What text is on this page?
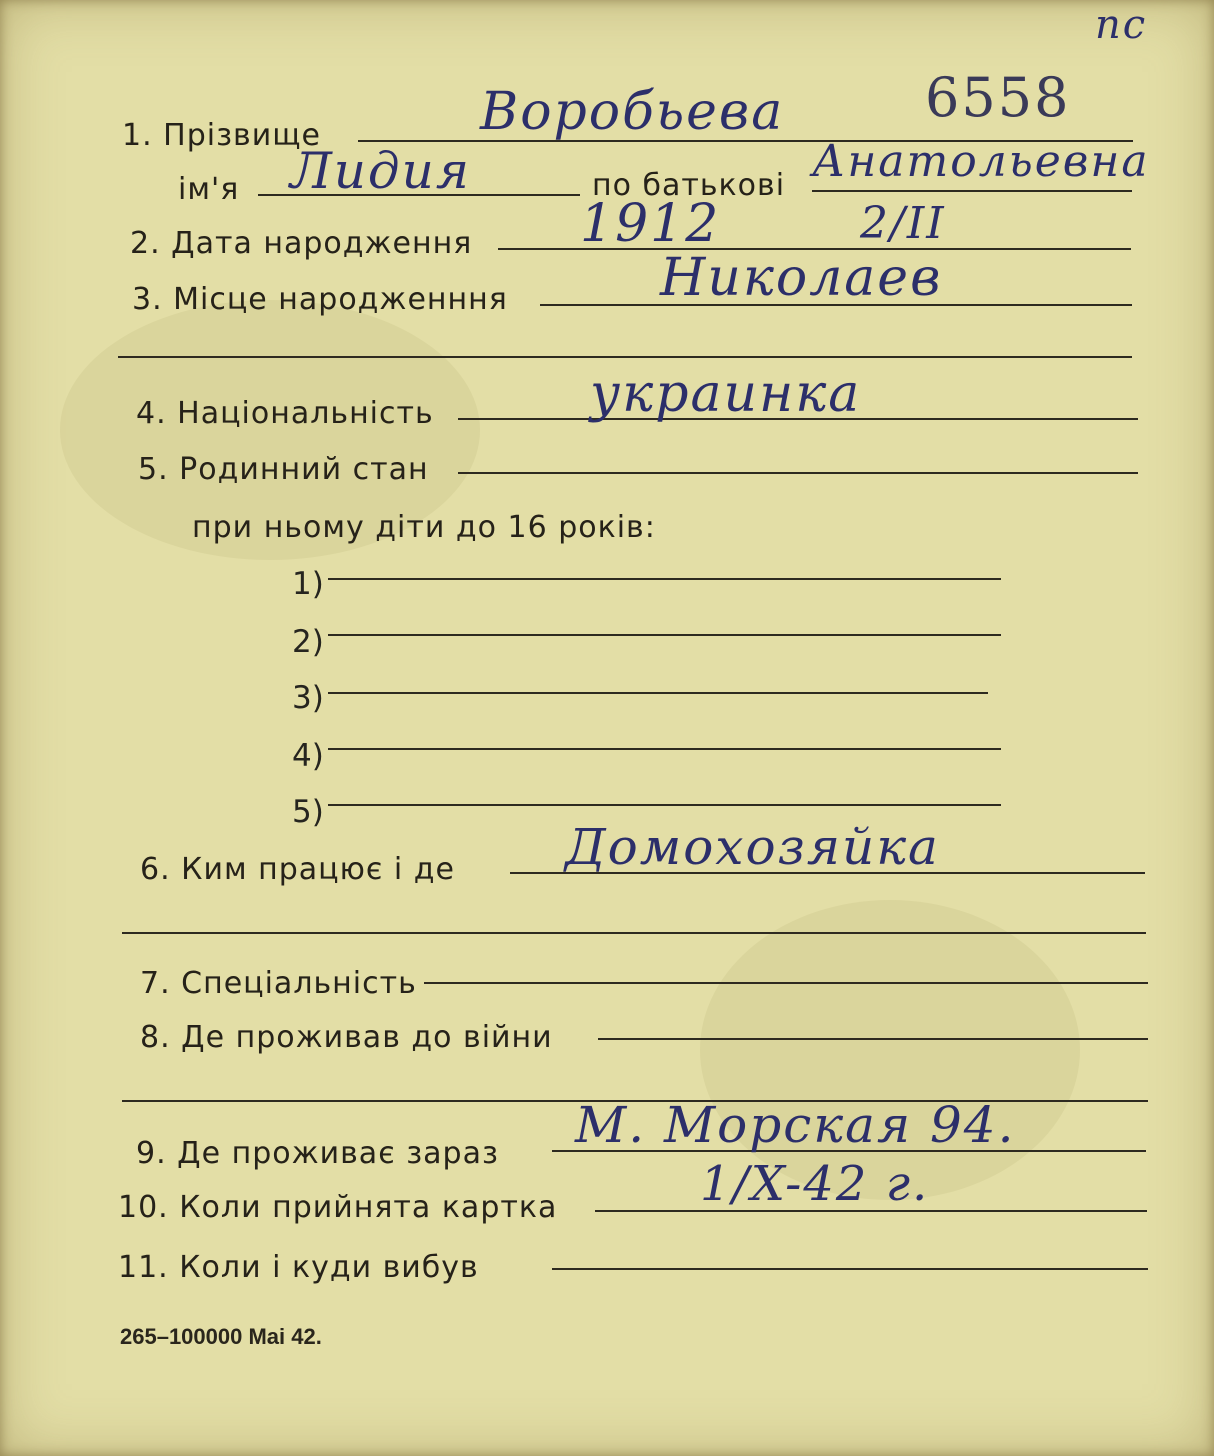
пс
6558
1. Прізвище	Воробьева
ім'я Лидия	по батькові Анатольевна
2. Дата народження 1912	2/II
3. Місце народженння	Николаев
4. Національність	украинка
5. Родинний стан
при ньому діти до 16 років:
1)
2)
3)
4)
5)
6. Ким працює і де Домохозяйка
7. Спеціальність
8. Де проживав до війни
9. Де проживає зараз М. Морская 94.
10. Коли прийнята картка	1/X-42 г.
11. Коли і куди вибув
265–100000 Mai 42.
